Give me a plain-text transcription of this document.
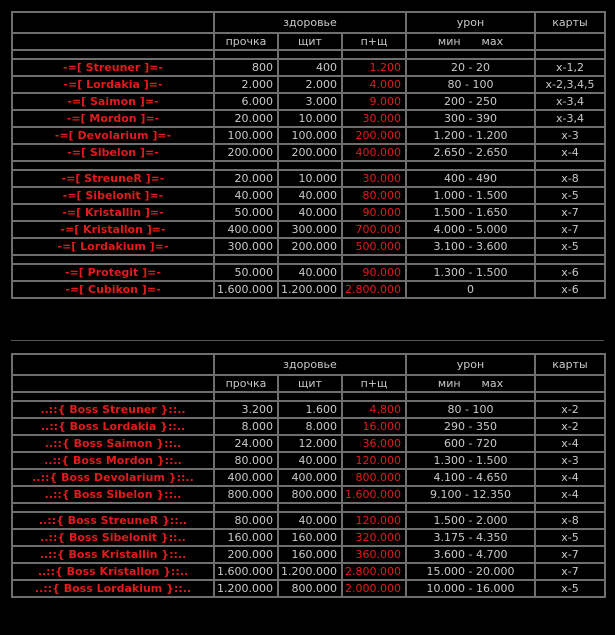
	здоровье			урон	карты
	прочка	щит	п+щ	мин мах	

-=[ Streuner ]=-	800	400	1.200	20 - 20	x-1,2
-=[ Lordakia ]=-	2.000	2.000	4.000	80 - 100	x-2,3,4,5
-=[ Saimon ]=-	6.000	3.000	9.000	200 - 250	x-3,4
-=[ Mordon ]=-	20.000	10.000	30.000	300 - 390	x-3,4
-=[ Devolarium ]=-	100.000	100.000	200.000	1.200 - 1.200	x-3
-=[ Sibelon ]=-	200.000	200.000	400.000	2.650 - 2.650	x-4

-=[ StreuneR ]=-	20.000	10.000	30.000	400 - 490	x-8
-=[ Sibelonit ]=-	40.000	40.000	80.000	1.000 - 1.500	x-5
-=[ Kristallin ]=-	50.000	40.000	90.000	1.500 - 1.650	x-7
-=[ Kristallon ]=-	400.000	300.000	700.000	4.000 - 5.000	x-7
-=[ Lordakium ]=-	300.000	200.000	500.000	3.100 - 3.600	x-5

-=[ Protegit ]=-	50.000	40.000	90.000	1.300 - 1.500	x-6
-=[ Cubikon ]=-	1.600.000	1.200.000	2.800.000	0	x-6
	здоровье			урон	карты
	прочка	щит	п+щ	мин мах	

..::{ Boss Streuner }::..	3.200	1.600	4.800	80 - 100	x-2
..::{ Boss Lordakia }::..	8.000	8.000	16.000	290 - 350	x-2
..::{ Boss Saimon }::..	24.000	12.000	36.000	600 - 720	x-4
..::{ Boss Mordon }::..	80.000	40.000	120.000	1.300 - 1.500	x-3
..::{ Boss Devolarium }::..	400.000	400.000	800.000	4.100 - 4.650	x-4
..::{ Boss Sibelon }::..	800.000	800.000	1.600.000	9.100 - 12.350	x-4

..::{ Boss StreuneR }::..	80.000	40.000	120.000	1.500 - 2.000	x-8
..::{ Boss Sibelonit }::..	160.000	160.000	320.000	3.175 - 4.350	x-5
..::{ Boss Kristallin }::..	200.000	160.000	360.000	3.600 - 4.700	x-7
..::{ Boss Kristallon }::..	1.600.000	1.200.000	2.800.000	15.000 - 20.000	x-7
..::{ Boss Lordakium }::..	1.200.000	800.000	2.000.000	10.000 - 16.000	x-5
